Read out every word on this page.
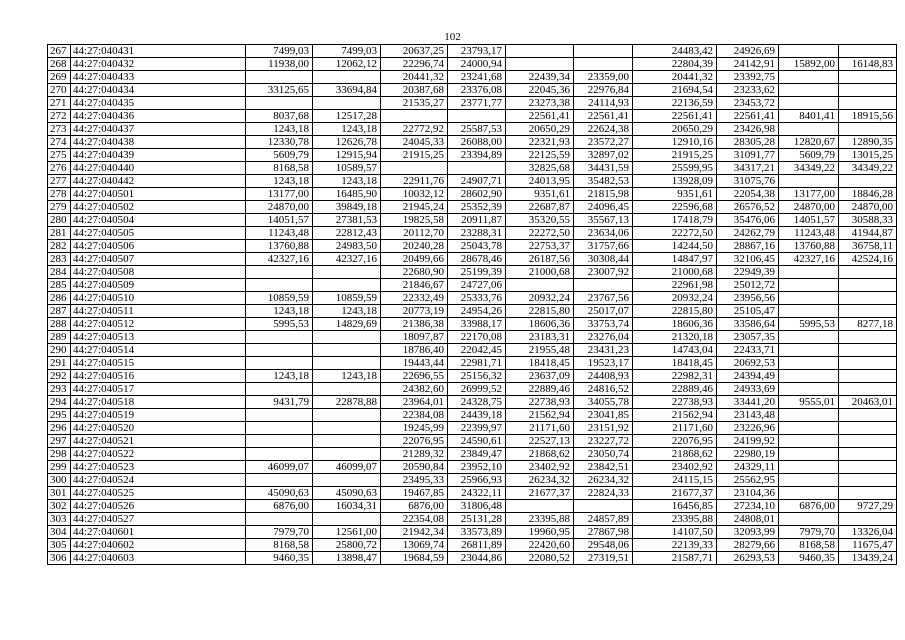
102
267	44:27:040431	7499,03	7499,03	20637,25	23793,17			24483,42	24926,69		
268	44:27:040432	11938,00	12062,12	22296,74	24000,94			22804,39	24142,91	15892,00	16148,83
269	44:27:040433			20441,32	23241,68	22439,34	23359,00	20441,32	23392,75		
270	44:27:040434	33125,65	33694,84	20387,68	23376,08	22045,36	22976,84	21694,54	23233,62		
271	44:27:040435			21535,27	23771,77	23273,38	24114,93	22136,59	23453,72		
272	44:27:040436	8037,68	12517,28			22561,41	22561,41	22561,41	22561,41	8401,41	18915,56
273	44:27:040437	1243,18	1243,18	22772,92	25587,53	20650,29	22624,38	20650,29	23426,98		
274	44:27:040438	12330,78	12626,78	24045,33	26088,00	22321,93	23572,27	12910,16	28305,28	12820,67	12890,35
275	44:27:040439	5609,79	12915,94	21915,25	23394,89	22125,59	32897,02	21915,25	31091,77	5609,79	13015,25
276	44:27:040440	8168,58	10589,57			32825,68	34431,59	25599,95	34317,21	34349,22	34349,22
277	44:27:040442	1243,18	1243,18	22911,76	24907,71	24013,95	35482,53	13928,09	31075,76		
278	44:27:040501	13177,00	16485,90	10032,12	28602,90	9351,61	21815,98	9351,61	22054,38	13177,00	18846,28
279	44:27:040502	24870,00	39849,18	21945,24	25352,39	22687,87	24096,45	22596,68	26576,52	24870,00	24870,00
280	44:27:040504	14051,57	27381,53	19825,58	20911,87	35320,55	35567,13	17418,79	35476,06	14051,57	30588,33
281	44:27:040505	11243,48	22812,43	20112,70	23288,31	22272,50	23634,06	22272,50	24262,79	11243,48	41944,87
282	44:27:040506	13760,88	24983,50	20240,28	25043,78	22753,37	31757,66	14244,50	28867,16	13760,88	36758,11
283	44:27:040507	42327,16	42327,16	20499,66	28678,46	26187,56	30308,44	14847,97	32106,45	42327,16	42524,16
284	44:27:040508			22680,90	25199,39	21000,68	23007,92	21000,68	22949,39		
285	44:27:040509			21846,67	24727,06			22961,98	25012,72		
286	44:27:040510	10859,59	10859,59	22332,49	25333,76	20932,24	23767,56	20932,24	23956,56		
287	44:27:040511	1243,18	1243,18	20773,19	24954,26	22815,80	25017,07	22815,80	25105,47		
288	44:27:040512	5995,53	14829,69	21386,38	33988,17	18606,36	33753,74	18606,36	33586,64	5995,53	8277,18
289	44:27:040513			18097,87	22170,08	23183,31	23276,04	21320,18	23057,35		
290	44:27:040514			18786,40	22042,45	21955,48	23431,23	14743,04	22433,71		
291	44:27:040515			19443,44	22981,71	18418,45	19523,17	18418,45	20692,53		
292	44:27:040516	1243,18	1243,18	22696,55	25156,32	23637,09	24408,93	22982,31	24394,49		
293	44:27:040517			24382,60	26999,52	22889,46	24816,52	22889,46	24933,69		
294	44:27:040518	9431,79	22878,88	23964,01	24328,75	22738,93	34055,78	22738,93	33441,20	9555,01	20463,01
295	44:27:040519			22384,08	24439,18	21562,94	23041,85	21562,94	23143,48		
296	44:27:040520			19245,99	22399,97	21171,60	23151,92	21171,60	23226,96		
297	44:27:040521			22076,95	24590,61	22527,13	23227,72	22076,95	24199,92		
298	44:27:040522			21289,32	23849,47	21868,62	23050,74	21868,62	22980,19		
299	44:27:040523	46099,07	46099,07	20590,84	23952,10	23402,92	23842,51	23402,92	24329,11		
300	44:27:040524			23495,33	25966,93	26234,32	26234,32	24115,15	25562,95		
301	44:27:040525	45090,63	45090,63	19467,85	24322,11	21677,37	22824,33	21677,37	23104,36		
302	44:27:040526	6876,00	16034,31	6876,00	31806,48			16456,85	27234,10	6876,00	9727,29
303	44:27:040527			22354,08	25131,28	23395,88	24857,89	23395,88	24808,01		
304	44:27:040601	7979,70	12561,00	21942,34	33573,89	19960,95	27867,98	14107,50	32093,99	7979,70	13326,04
305	44:27:040602	8168,58	25800,72	13069,74	26811,89	22420,60	29548,06	22139,33	28279,66	8168,58	11675,47
306	44:27:040603	9460,35	13898,47	19684,59	23044,86	22080,52	27319,51	21587,71	26293,53	9460,35	13439,24
